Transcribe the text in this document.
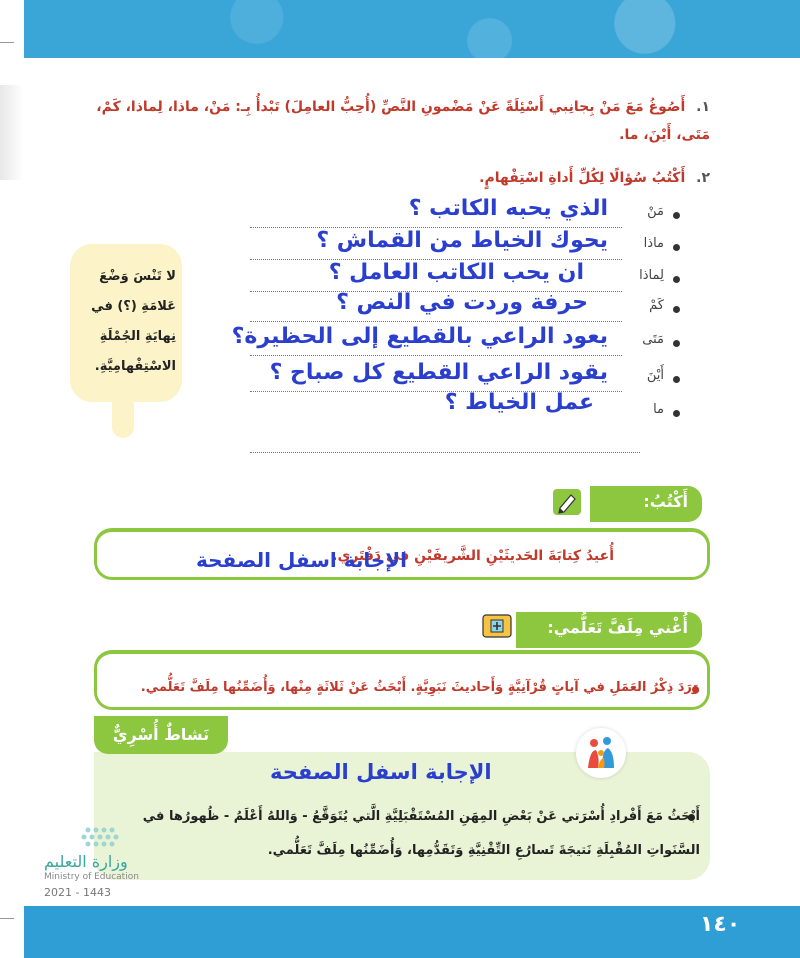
١. أَصُوغُ مَعَ مَنْ بِجانِبي أَسْئِلَةً عَنْ مَضْمونِ النَّصِّ (أُحِبُّ العامِلَ) تَبْدأُ بِـ: مَنْ، ماذا، لِماذا، كَمْ، مَتَى، أَيْنَ، ما.
٢. أَكْتُبُ سُؤالًا لِكُلِّ أَداةِ اسْتِفْهامٍ.
مَنْ
الذي يحبه الكاتب ؟
ماذا
يحوك الخياط من القماش ؟
لِماذا
ان يحب الكاتب العامل ؟
كَمْ
حرفة وردت في النص ؟
مَتَى
يعود الراعي بالقطيع إلى الحظيرة؟
أَيْنَ
يقود الراعي القطيع كل صباح ؟
ما
عمل الخياط ؟
لا تَنْسَ وَضْعَ عَلامَةِ (؟) في نِهايَةِ الجُمْلَةِ الاسْتِفْهامِيَّةِ.
أَكْتُبُ:
أُعيدُ كِتابَةَ الحَديثَيْنِ الشَّريفَيْنِ في دَفْتَري.
الإجابة اسفل الصفحة
أُغْني مِلَفَّ تَعَلُّمي:
وَرَدَ ذِكْرُ العَمَلِ في آياتٍ قُرْآنِيَّةٍ وَأَحاديثَ نَبَوِيَّةٍ. أَبْحَثُ عَنْ ثَلاثَةٍ مِنْها، وَأُضَمِّنُها مِلَفَّ تَعَلُّمي.
نَشاطٌ أُسْرِيٌّ
الإجابة اسفل الصفحة
أَبْحَثُ مَعَ أَفْرادِ أُسْرَتي عَنْ بَعْضِ المِهَنِ المُسْتَقْبَلِيَّةِ الَّتي يُتَوَقَّعُ - وَاللهُ أَعْلَمُ - ظُهورُها في السَّنَواتِ المُقْبِلَةِ نَتيجَةَ تَسارُعِ التِّقْنِيَّةِ وَتَقَدُّمِها، وَأُضَمِّنُها مِلَفَّ تَعَلُّمي.
وزارة التعليم
Ministry of Education
2021 - 1443
١٤٠
